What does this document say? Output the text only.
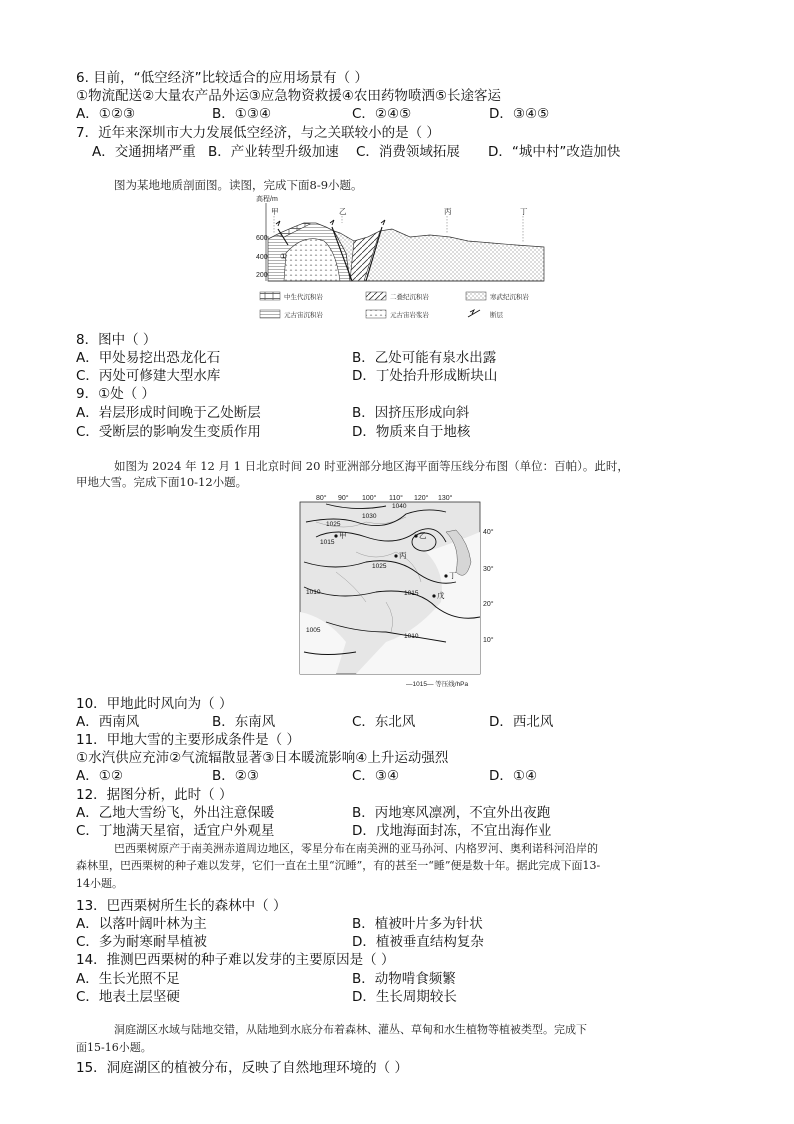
6. 目前，“低空经济”比较适合的应用场景有（ ）
①物流配送②大量农产品外运③应急物资救援④农田药物喷洒⑤长途客运
A．①②③	B．①③④	C．②④⑤	D．③④⑤
7．近年来深圳市大力发展低空经济，与之关联较小的是（ ）
A．交通拥堵严重 B．产业转型升级加速 C．消费领域拓展 D．“城中村”改造加快
图为某地地质剖面图。读图，完成下面8-9小题。
高程/m
600
400
200
甲	乙	丙	丁
①
中生代沉积岩	二叠纪沉积岩	寒武纪沉积岩
元古宙沉积岩	元古宙岩浆岩	断层
8．图中（ ）
A．甲处易挖出恐龙化石	B．乙处可能有泉水出露
C．丙处可修建大型水库	D．丁处抬升形成断块山
9．①处（ ）
A．岩层形成时间晚于乙处断层	B．因挤压形成向斜
C．受断层的影响发生变质作用	D．物质来自于地核
如图为 2024 年 12 月 1 日北京时间 20 时亚洲部分地区海平面等压线分布图（单位：百帕）。此时，
甲地大雪。完成下面10-12小题。
80° 90° 100° 110° 120° 130°
1040
1025
1030
1015
1025
1015
1010
1005
1010
甲	乙
丙
丁
戊
40°
30°
20°
10°
—1015— 等压线/hPa
10．甲地此时风向为（ ）
A．西南风	B．东南风	C．东北风	D．西北风
11．甲地大雪的主要形成条件是（ ）
①水汽供应充沛②气流辐散显著③日本暖流影响④上升运动强烈
A．①②	B．②③	C．③④	D．①④
12．据图分析，此时（ ）
A．乙地大雪纷飞，外出注意保暖	B．丙地寒风凛冽，不宜外出夜跑
C．丁地满天星宿，适宜户外观星	D．戊地海面封冻，不宜出海作业
巴西栗树原产于南美洲赤道周边地区，零星分布在南美洲的亚马孙河、内格罗河、奥利诺科河沿岸的
森林里，巴西栗树的种子难以发芽，它们一直在土里“沉睡”，有的甚至一“睡”便是数十年。据此完成下面13-
14小题。
13．巴西栗树所生长的森林中（ ）
A．以落叶阔叶林为主	B．植被叶片多为针状
C．多为耐寒耐旱植被	D．植被垂直结构复杂
14．推测巴西栗树的种子难以发芽的主要原因是（ ）
A．生长光照不足	B．动物啃食频繁
C．地表土层坚硬	D．生长周期较长
洞庭湖区水域与陆地交错，从陆地到水底分布着森林、灌丛、草甸和水生植物等植被类型。完成下
面15-16小题。
15．洞庭湖区的植被分布，反映了自然地理环境的（ ）
